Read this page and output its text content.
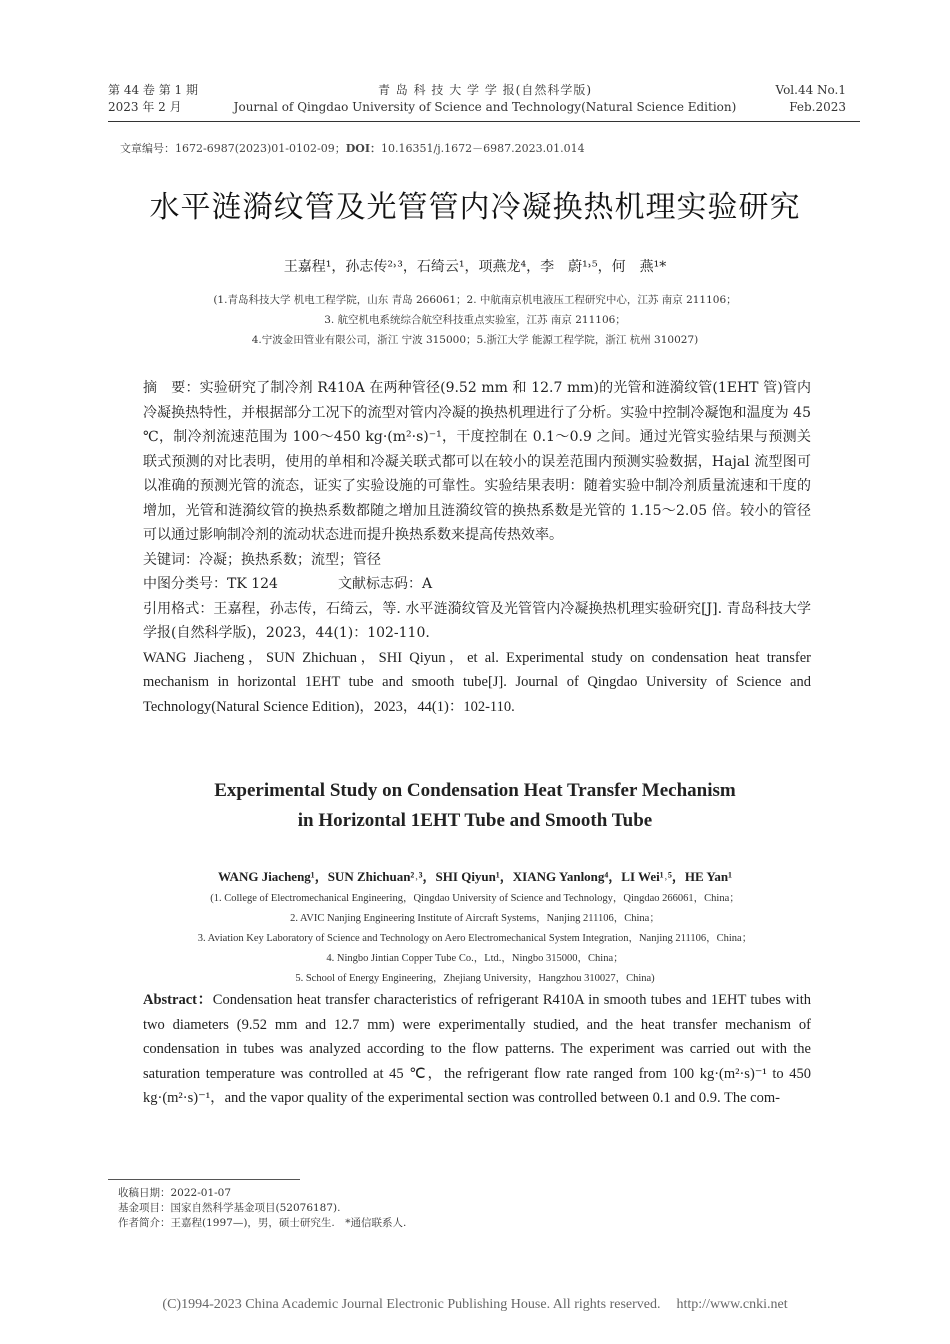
第 44 卷 第 1 期
2023 年 2 月
青 岛 科 技 大 学 学 报(自然科学版)
Journal of Qingdao University of Science and Technology(Natural Science Edition)
Vol.44 No.1
Feb.2023
文章编号：1672-6987(2023)01-0102-09；DOI：10.16351/j.1672－6987.2023.01.014
水平涟漪纹管及光管管内冷凝换热机理实验研究
王嘉程¹，孙志传²˒³，石绮云¹，项燕龙⁴，李　蔚¹˒⁵，何　燕¹*
(1.青岛科技大学 机电工程学院，山东 青岛 266061；2. 中航南京机电液压工程研究中心，江苏 南京 211106；
3. 航空机电系统综合航空科技重点实验室，江苏 南京 211106；
4.宁波金田管业有限公司，浙江 宁波 315000；5.浙江大学 能源工程学院，浙江 杭州 310027)

摘　要：实验研究了制冷剂 R410A 在两种管径(9.52 mm 和 12.7 mm)的光管和涟漪纹管(1EHT 管)管内冷凝换热特性，并根据部分工况下的流型对管内冷凝的换热机理进行了分析。实验中控制冷凝饱和温度为 45 ℃，制冷剂流速范围为 100～450 kg·(m²·s)⁻¹，干度控制在 0.1～0.9 之间。通过光管实验结果与预测关联式预测的对比表明，使用的单相和冷凝关联式都可以在较小的误差范围内预测实验数据，Hajal 流型图可以准确的预测光管的流态，证实了实验设施的可靠性。实验结果表明：随着实验中制冷剂质量流速和干度的增加，光管和涟漪纹管的换热系数都随之增加且涟漪纹管的换热系数是光管的 1.15～2.05 倍。较小的管径可以通过影响制冷剂的流动状态进而提升换热系数来提高传热效率。

关键词：冷凝；换热系数；流型；管径

中图分类号：TK 124	文献标志码：A

引用格式：王嘉程，孙志传，石绮云，等. 水平涟漪纹管及光管管内冷凝换热机理实验研究[J]. 青岛科技大学学报(自然科学版)，2023，44(1)：102-110.

WANG Jiacheng，SUN Zhichuan，SHI Qiyun，et al. Experimental study on condensation heat transfer mechanism in horizontal 1EHT tube and smooth tube[J]. Journal of Qingdao University of Science and Technology(Natural Science Edition)，2023，44(1)：102-110.

Experimental Study on Condensation Heat Transfer Mechanism
in Horizontal 1EHT Tube and Smooth Tube
WANG Jiacheng¹，SUN Zhichuan²˒³，SHI Qiyun¹，XIANG Yanlong⁴，LI Wei¹˒⁵，HE Yan¹
(1. College of Electromechanical Engineering，Qingdao University of Science and Technology，Qingdao 266061，China；
2. AVIC Nanjing Engineering Institute of Aircraft Systems，Nanjing 211106，China；
3. Aviation Key Laboratory of Science and Technology on Aero Electromechanical System Integration，Nanjing 211106，China；
4. Ningbo Jintian Copper Tube Co.，Ltd.，Ningbo 315000，China；
5. School of Energy Engineering，Zhejiang University，Hangzhou 310027，China)
Abstract：Condensation heat transfer characteristics of refrigerant R410A in smooth tubes and 1EHT tubes with two diameters (9.52 mm and 12.7 mm) were experimentally studied, and the heat transfer mechanism of condensation in tubes was analyzed according to the flow patterns. The experiment was carried out with the saturation temperature was controlled at 45 ℃，the refrigerant flow rate ranged from 100 kg·(m²·s)⁻¹ to 450 kg·(m²·s)⁻¹，and the vapor quality of the experimental section was controlled between 0.1 and 0.9. The com-
收稿日期：2022-01-07
基金项目：国家自然科学基金项目(52076187).
作者简介：王嘉程(1997—)，男，硕士研究生.　*通信联系人.
(C)1994-2023 China Academic Journal Electronic Publishing House. All rights reserved. http://www.cnki.net
